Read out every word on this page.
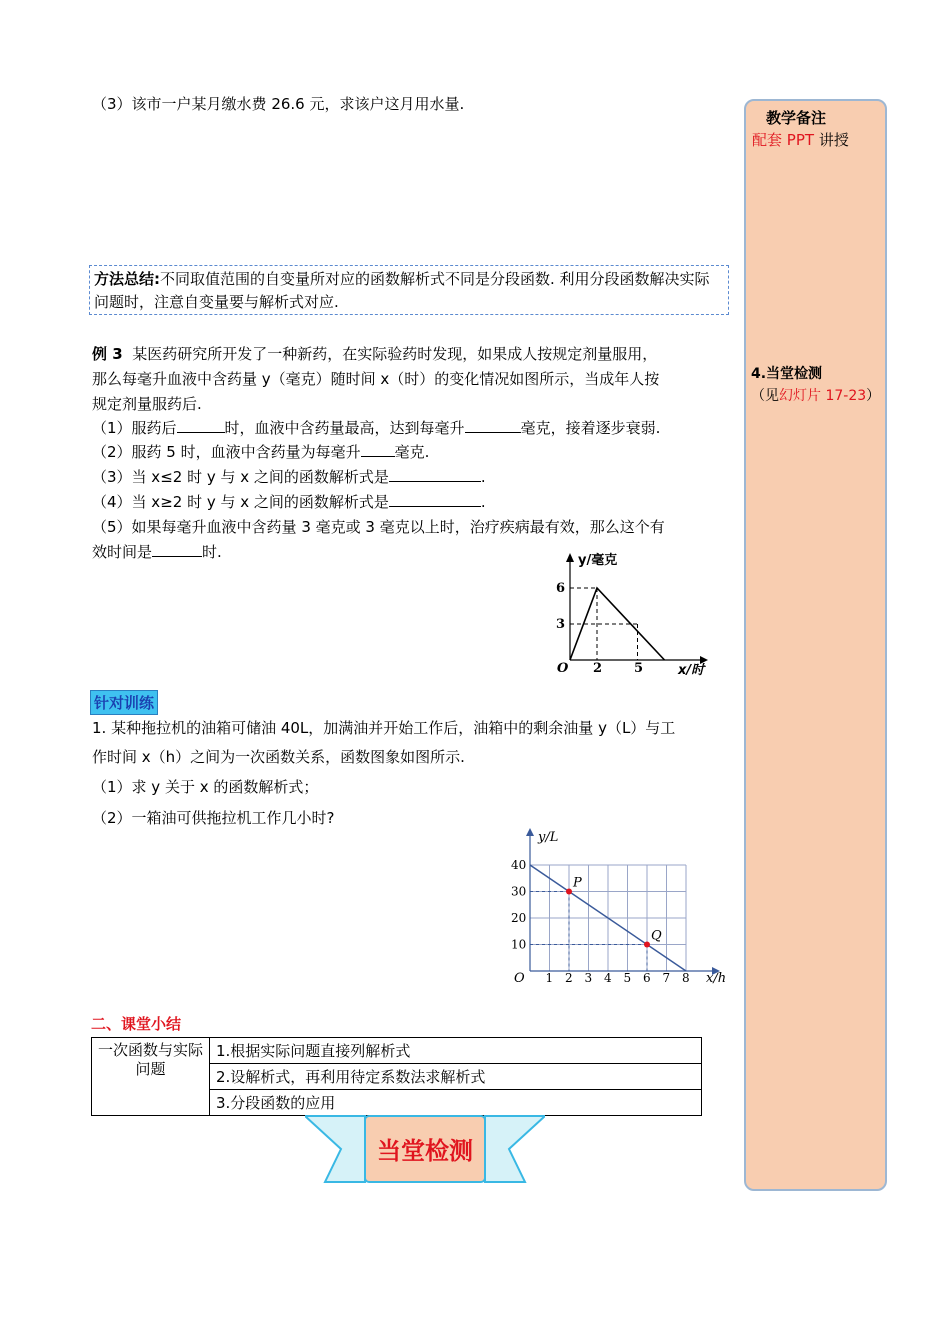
（3）该市一户某月缴水费 26.6 元，求该户这月用水量.
方法总结:不同取值范围的自变量所对应的函数解析式不同是分段函数. 利用分段函数解决实际问题时，注意自变量要与解析式对应.
例 3 某医药研究所开发了一种新药，在实际验药时发现，如果成人按规定剂量服用，
那么每毫升血液中含药量 y（毫克）随时间 x（时）的变化情况如图所示，当成年人按
规定剂量服药后.
（1）服药后	时，血液中含药量最高，达到每毫升	毫克，接着逐步衰弱.
（2）服药 5 时，血液中含药量为每毫升 毫克.
（3）当 x≤2 时 y 与 x 之间的函数解析式是	.
（4）当 x≥2 时 y 与 x 之间的函数解析式是	.
（5）如果每毫升血液中含药量 3 毫克或 3 毫克以上时，治疗疾病最有效，那么这个有
效时间是	时.	y/毫克
x/时
O 2 5
6
3
针对训练
1. 某种拖拉机的油箱可储油 40L，加满油并开始工作后，油箱中的剩余油量 y（L）与工
作时间 x（h）之间为一次函数关系，函数图象如图所示.
（1）求 y 关于 x 的函数解析式；
（2）一箱油可供拖拉机工作几小时?
P
Q
y/L
x/h
O 1 2 3 4 5 6 7 8
40
30
20
10
二、课堂小结
一次函数与实际问题	1.根据实际问题直接列解析式
2.设解析式，再利用待定系数法求解析式
3.分段函数的应用
当堂检测
教学备注
配套 PPT 讲授
4.当堂检测
（见幻灯片 17-23）
